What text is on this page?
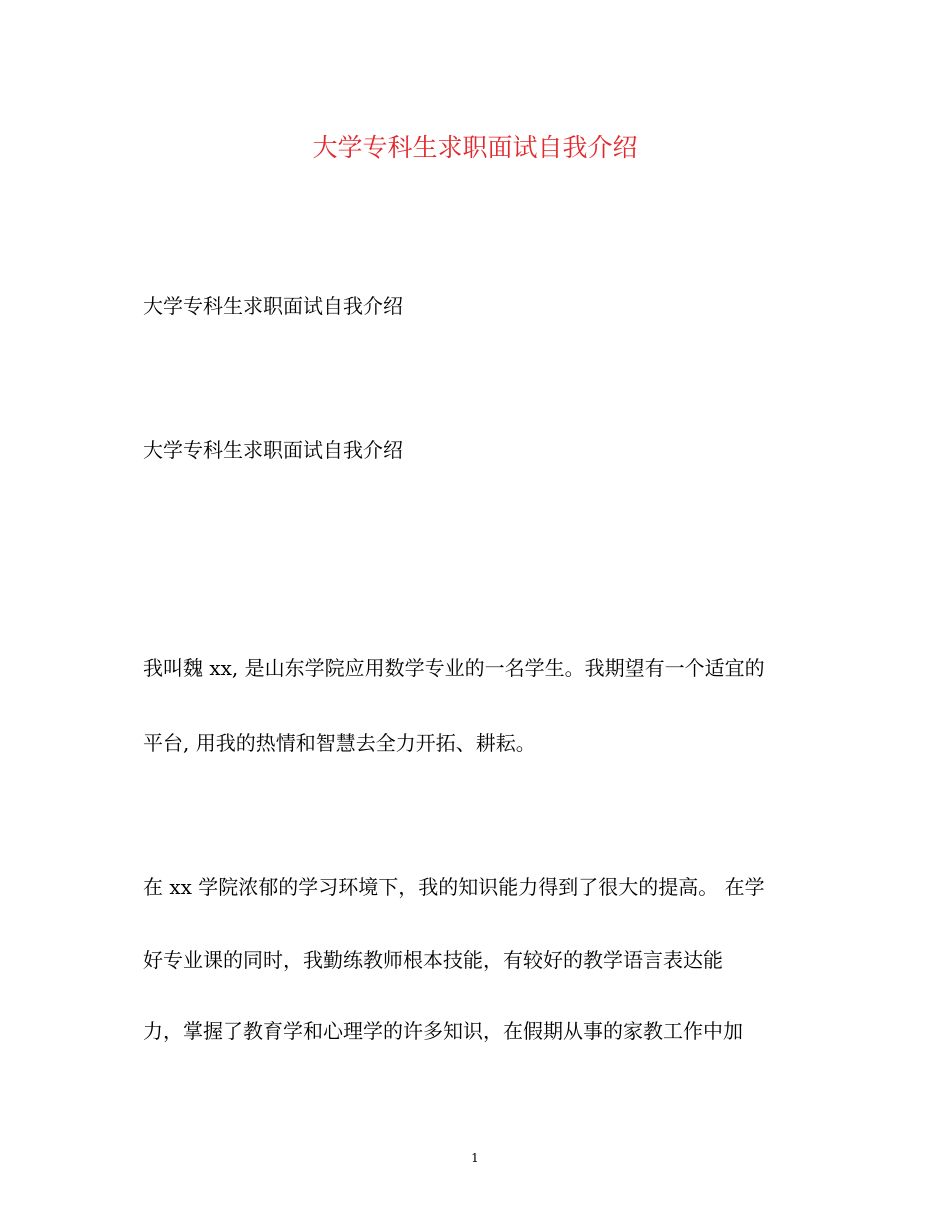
大学专科生求职面试自我介绍
大学专科生求职面试自我介绍
大学专科生求职面试自我介绍
我叫魏 xx, 是山东学院应用数学专业的一名学生。我期望有一个适宜的
平台, 用我的热情和智慧去全力开拓、耕耘。
在 xx 学院浓郁的学习环境下，我的知识能力得到了很大的提高。 在学
好专业课的同时，我勤练教师根本技能，有较好的教学语言表达能
力，掌握了教育学和心理学的许多知识，在假期从事的家教工作中加
1
